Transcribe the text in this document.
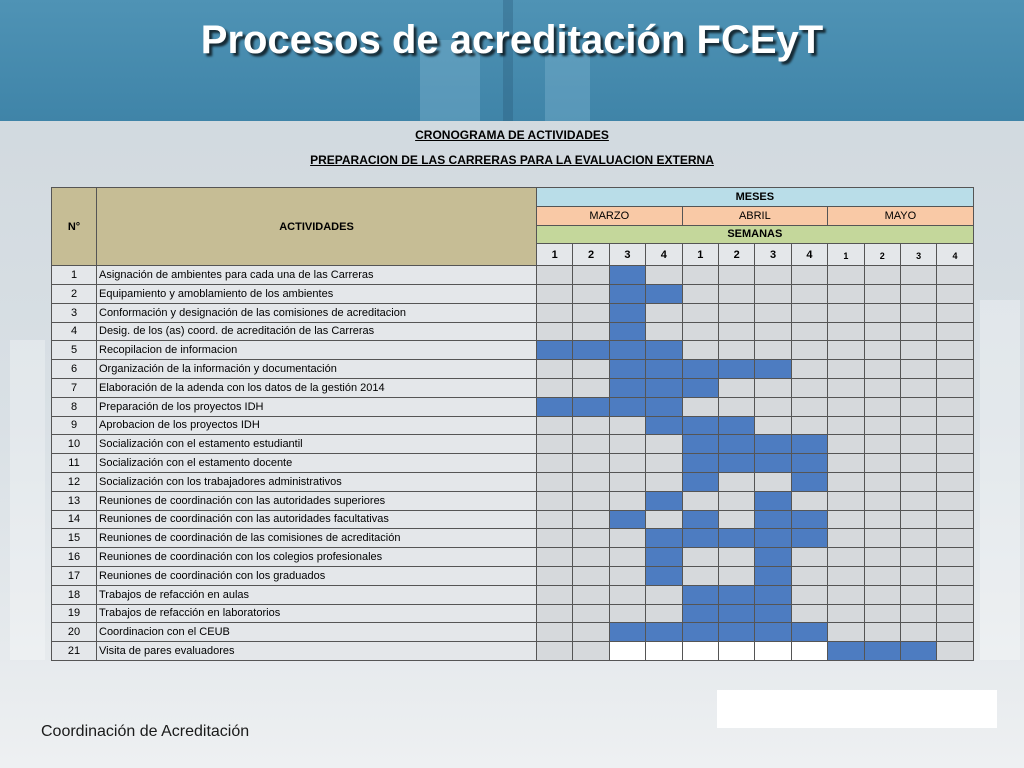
Procesos de acreditación FCEyT
CRONOGRAMA DE ACTIVIDADES
PREPARACION DE LAS CARRERAS PARA LA EVALUACION EXTERNA
N°	ACTIVIDADES	MESES											
		MARZO				ABRIL				MAYO			
		SEMANAS											
		1	2	3	4	1	2	3	4	1	2	3	4
1	Asignación de ambientes para cada una de las Carreras												
2	Equipamiento y amoblamiento de los ambientes												
3	Conformación y designación de las comisiones de acreditacion												
4	Desig. de los (as) coord. de acreditación de las Carreras												
5	Recopilacion de informacion												
6	Organización de la información y documentación												
7	Elaboración de la adenda con los datos de la gestión 2014												
8	Preparación de los proyectos IDH												
9	Aprobacion de los proyectos IDH												
10	Socialización con el estamento estudiantil												
11	Socialización con el estamento docente												
12	Socialización con los trabajadores administrativos												
13	Reuniones de coordinación con las autoridades superiores												
14	Reuniones de coordinación con las autoridades facultativas												
15	Reuniones de coordinación de las comisiones de acreditación												
16	Reuniones de coordinación con los colegios profesionales												
17	Reuniones de coordinación con los graduados												
18	Trabajos de refacción en aulas												
19	Trabajos de refacción en laboratorios												
20	Coordinacion con el CEUB												
21	Visita de pares evaluadores												
Coordinación de Acreditación
